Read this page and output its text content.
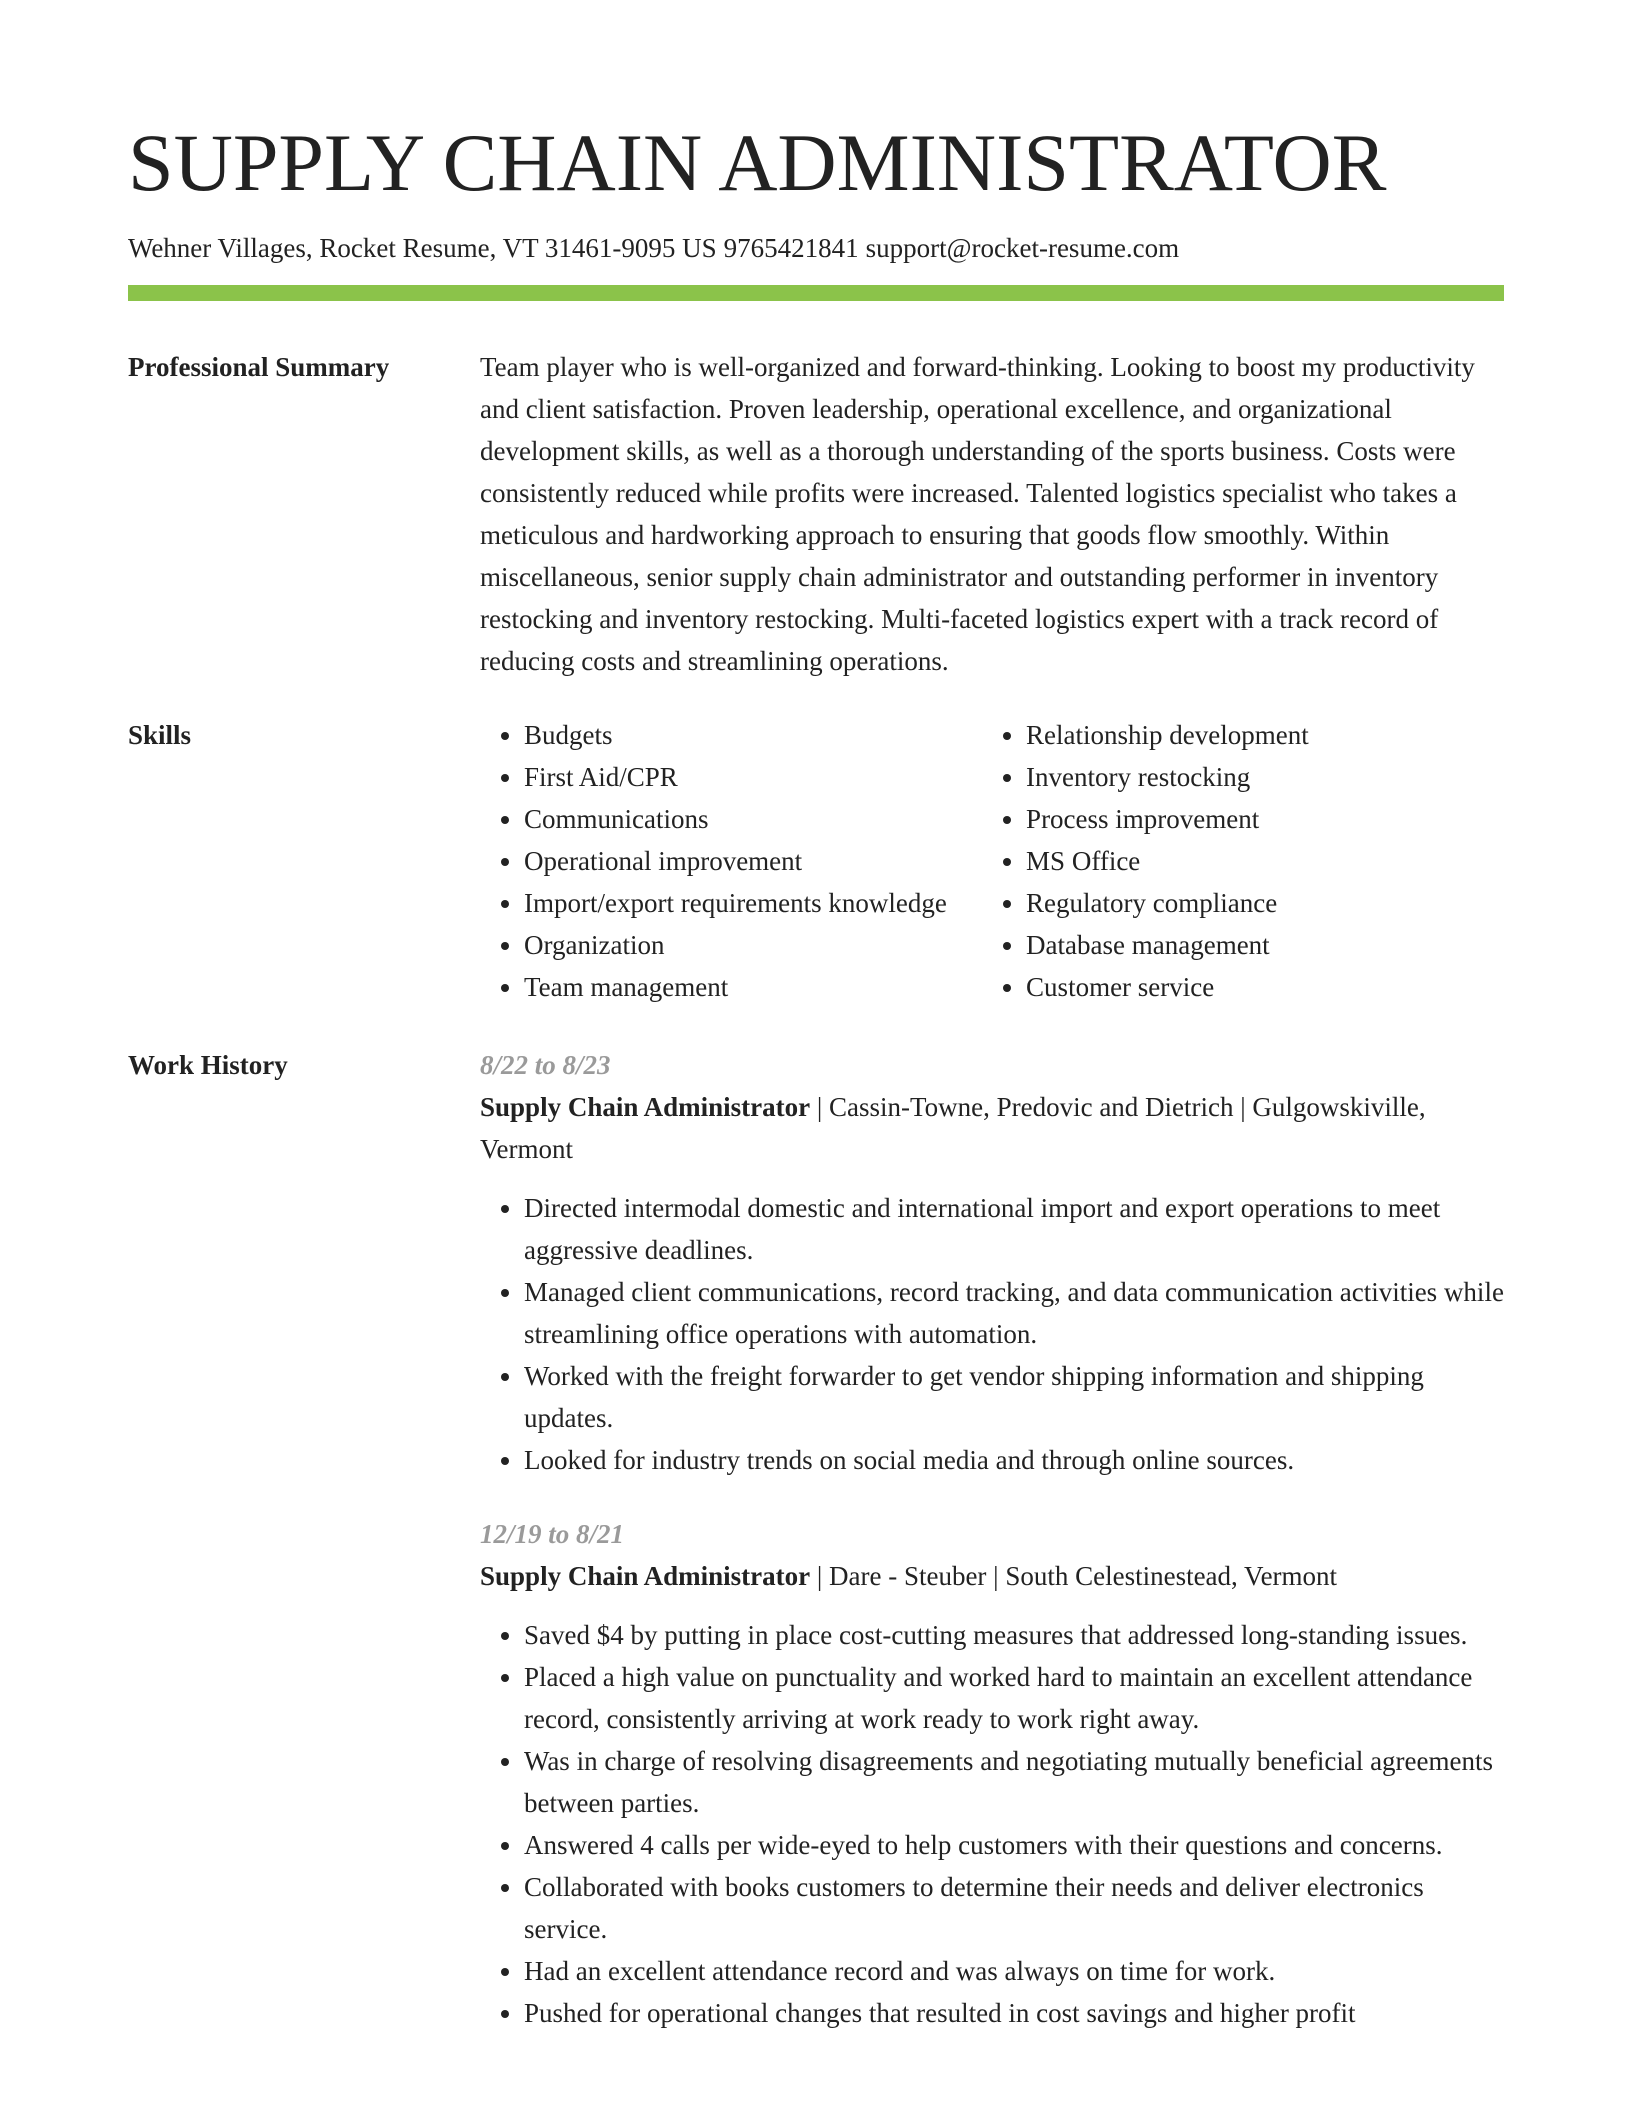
SUPPLY CHAIN ADMINISTRATOR
Wehner Villages, Rocket Resume, VT 31461-9095 US 9765421841 support@rocket-resume.com
Professional Summary	Team player who is well-organized and forward-thinking. Looking to boost my productivity and client satisfaction. Proven leadership, operational excellence, and organizational development skills, as well as a thorough understanding of the sports business. Costs were consistently reduced while profits were increased. Talented logistics specialist who takes a meticulous and hardworking approach to ensuring that goods flow smoothly. Within miscellaneous, senior supply chain administrator and outstanding performer in inventory restocking and inventory restocking. Multi-faceted logistics expert with a track record of reducing costs and streamlining operations.

Skills
•	Budgets
• First Aid/CPR
• Communications
• Operational improvement
• Import/export requirements knowledge
• Organization
• Team management
• Relationship development
• Inventory restocking
• Process improvement
• MS Office
• Regulatory compliance
• Database management
• Customer service
Work History	8/22 to 8/23
Supply Chain Administrator | Cassin-Towne, Predovic and Dietrich | Gulgowskiville, Vermont
• Directed intermodal domestic and international import and export operations to meet aggressive deadlines.
• Managed client communications, record tracking, and data communication activities while streamlining office operations with automation.
• Worked with the freight forwarder to get vendor shipping information and shipping updates.
• Looked for industry trends on social media and through online sources.
12/19 to 8/21
Supply Chain Administrator | Dare - Steuber | South Celestinestead, Vermont
• Saved $4 by putting in place cost-cutting measures that addressed long-standing issues.
• Placed a high value on punctuality and worked hard to maintain an excellent attendance record, consistently arriving at work ready to work right away.
• Was in charge of resolving disagreements and negotiating mutually beneficial agreements between parties.
• Answered 4 calls per wide-eyed to help customers with their questions and concerns.
• Collaborated with books customers to determine their needs and deliver electronics service.
• Had an excellent attendance record and was always on time for work.
• Pushed for operational changes that resulted in cost savings and higher profit
